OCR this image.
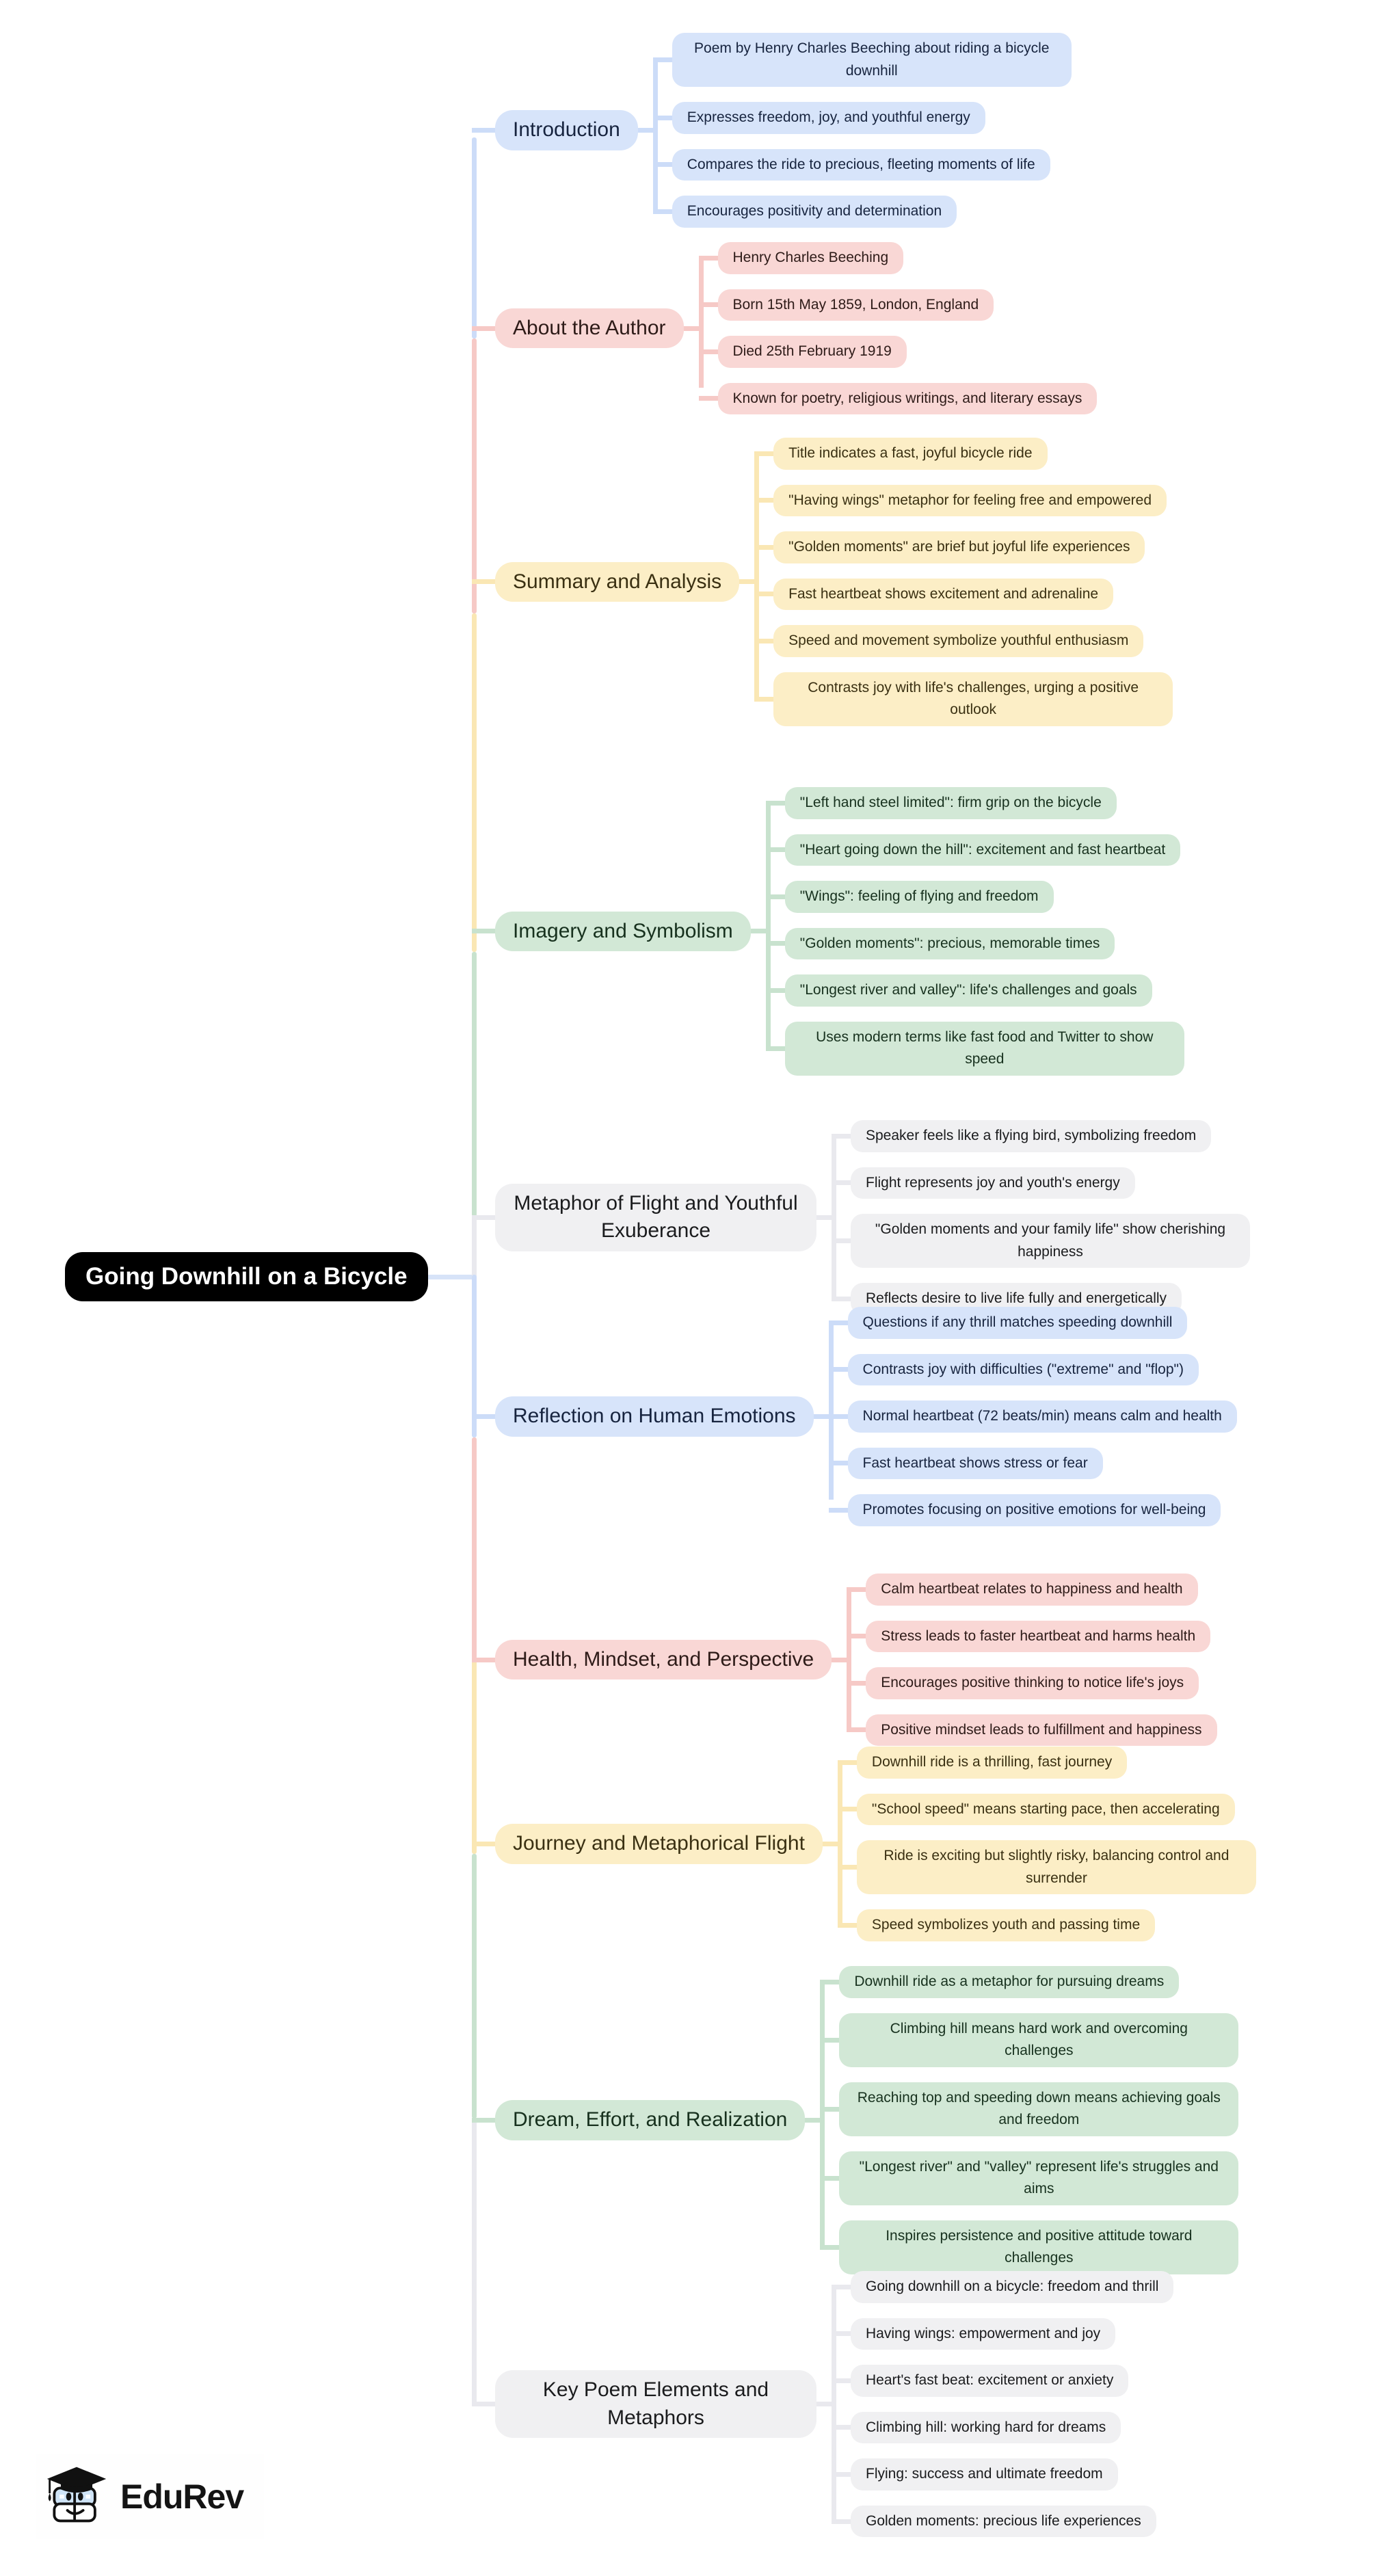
Going Downhill on a Bicycle
Introduction
Poem by Henry Charles Beeching about riding a bicycle downhill
Expresses freedom, joy, and youthful energy
Compares the ride to precious, fleeting moments of life
Encourages positivity and determination
About the Author
Henry Charles Beeching
Born 15th May 1859, London, England
Died 25th February 1919
Known for poetry, religious writings, and literary essays
Summary and Analysis
Title indicates a fast, joyful bicycle ride
"Having wings" metaphor for feeling free and empowered
"Golden moments" are brief but joyful life experiences
Fast heartbeat shows excitement and adrenaline
Speed and movement symbolize youthful enthusiasm
Contrasts joy with life's challenges, urging a positive outlook
Imagery and Symbolism
"Left hand steel limited": firm grip on the bicycle
"Heart going down the hill": excitement and fast heartbeat
"Wings": feeling of flying and freedom
"Golden moments": precious, memorable times
"Longest river and valley": life's challenges and goals
Uses modern terms like fast food and Twitter to show speed
Metaphor of Flight and Youthful Exuberance
Speaker feels like a flying bird, symbolizing freedom
Flight represents joy and youth's energy
"Golden moments and your family life" show cherishing happiness
Reflects desire to live life fully and energetically
Reflection on Human Emotions
Questions if any thrill matches speeding downhill
Contrasts joy with difficulties ("extreme" and "flop")
Normal heartbeat (72 beats/min) means calm and health
Fast heartbeat shows stress or fear
Promotes focusing on positive emotions for well-being
Health, Mindset, and Perspective
Calm heartbeat relates to happiness and health
Stress leads to faster heartbeat and harms health
Encourages positive thinking to notice life's joys
Positive mindset leads to fulfillment and happiness
Journey and Metaphorical Flight
Downhill ride is a thrilling, fast journey
"School speed" means starting pace, then accelerating
Ride is exciting but slightly risky, balancing control and surrender
Speed symbolizes youth and passing time
Dream, Effort, and Realization
Downhill ride as a metaphor for pursuing dreams
Climbing hill means hard work and overcoming challenges
Reaching top and speeding down means achieving goals and freedom
"Longest river" and "valley" represent life's struggles and aims
Inspires persistence and positive attitude toward challenges
Key Poem Elements and Metaphors
Going downhill on a bicycle: freedom and thrill
Having wings: empowerment and joy
Heart's fast beat: excitement or anxiety
Climbing hill: working hard for dreams
Flying: success and ultimate freedom
Golden moments: precious life experiences
EduRev
